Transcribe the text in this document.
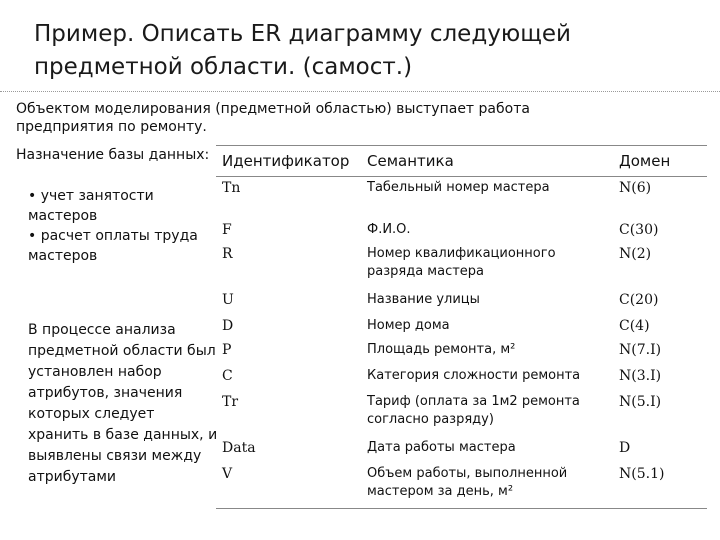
Пример. Описать ER диаграмму следующей
предметной области. (самост.)
Объектом моделирования (предметной областью) выступает работа
предприятия по ремонту.
Назначение базы данных:
• учет занятости мастеров
• расчет оплаты труда мастеров
В процессе анализа предметной области был установлен набор атрибутов, значения которых следует хранить в базе данных, и выявлены связи между атрибутами
Идентификатор	Семантика	Домен
Tn	Табельный номер мастера	N(6)
F	Ф.И.О.	C(30)
R	Номер квалификационного разряда мастера	N(2)
U	Название улицы	C(20)
D	Номер дома	C(4)
P	Площадь ремонта, м²	N(7.I)
C	Категория сложности ремонта	N(3.I)
Tr	Тариф (оплата за 1м2 ремонта согласно разряду)	N(5.I)
Data	Дата работы мастера	D
V	Объем работы, выполненной мастером за день, м²	N(5.1)
